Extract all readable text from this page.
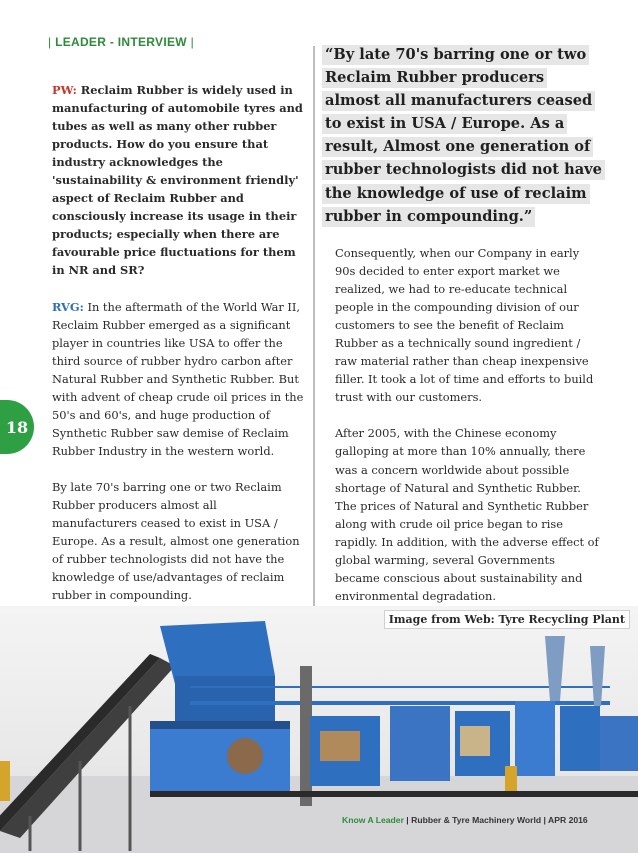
| LEADER - INTERVIEW |
18

PW: Reclaim Rubber is widely used in manufacturing of automobile tyres and tubes as well as many other rubber products. How do you ensure that industry acknowledges the 'sustainability & environment friendly' aspect of Reclaim Rubber and consciously increase its usage in their products; especially when there are favourable price fluctuations for them in NR and SR?

RVG: In the aftermath of the World War II, Reclaim Rubber emerged as a significant player in countries like USA to offer the third source of rubber hydro carbon after Natural Rubber and Synthetic Rubber. But with advent of cheap crude oil prices in the 50's and 60's, and huge production of Synthetic Rubber saw demise of Reclaim Rubber Industry in the western world.

By late 70's barring one or two Reclaim Rubber producers almost all manufacturers ceased to exist in USA / Europe. As a result, almost one generation of rubber technologists did not have the knowledge of use/advantages of reclaim rubber in compounding.

“By late 70's barring one or two Reclaim Rubber producers almost all manufacturers ceased to exist in USA / Europe. As a result, Almost one generation of rubber technologists did not have the knowledge of use of reclaim rubber in compounding.”

Consequently, when our Company in early 90s decided to enter export market we realized, we had to re-educate technical people in the compounding division of our customers to see the benefit of Reclaim Rubber as a technically sound ingredient / raw material rather than cheap inexpensive filler. It took a lot of time and efforts to build trust with our customers.

After 2005, with the Chinese economy galloping at more than 10% annually, there was a concern worldwide about possible shortage of Natural and Synthetic Rubber. The prices of Natural and Synthetic Rubber along with crude oil price began to rise rapidly. In addition, with the adverse effect of global warming, several Governments became conscious about sustainability and environmental degradation.

Image from Web: Tyre Recycling Plant
Know A Leader | Rubber & Tyre Machinery World | APR 2016
